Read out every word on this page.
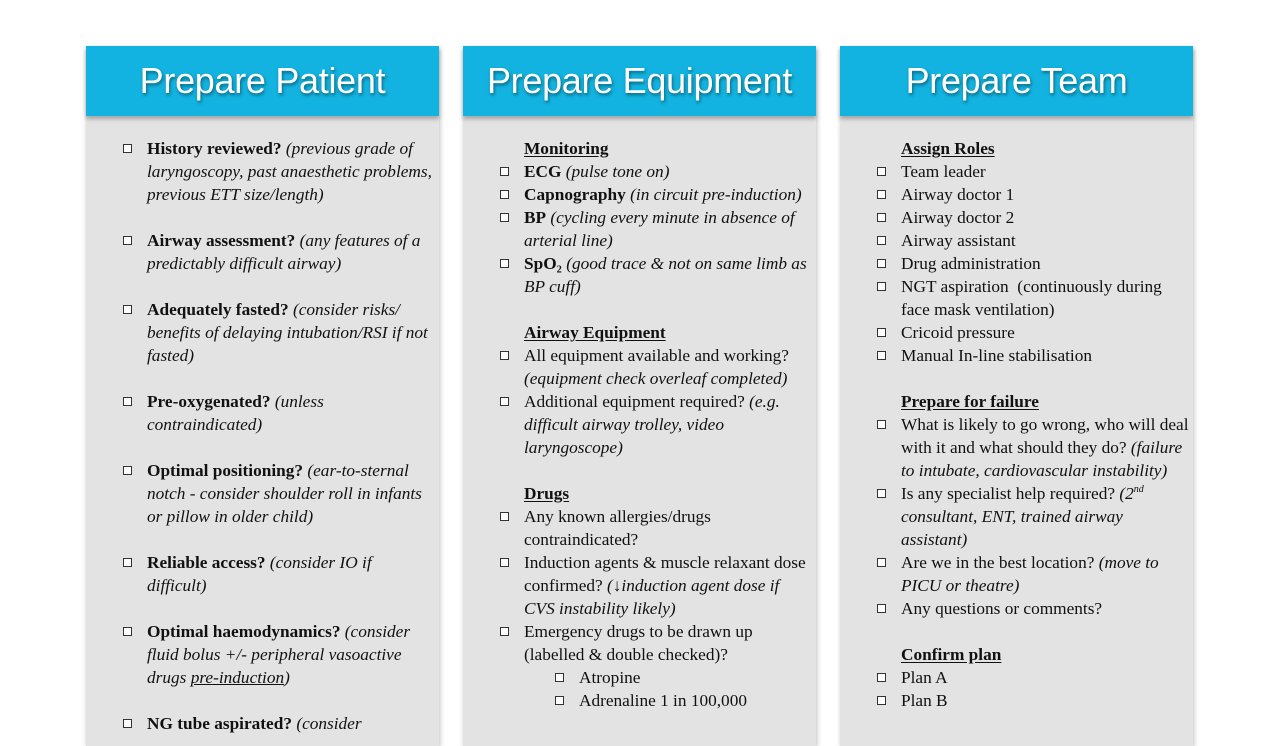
Prepare Patient
History reviewed? (previous grade of laryngoscopy, past anaesthetic problems, previous ETT size/length)
Airway assessment? (any features of a predictably difficult airway)
Adequately fasted? (consider risks/ benefits of delaying intubation/RSI if not fasted)
Pre-oxygenated? (unless contraindicated)
Optimal positioning? (ear-to-sternal notch - consider shoulder roll in infants or pillow in older child)
Reliable access? (consider IO if difficult)
Optimal haemodynamics? (consider fluid bolus +/- peripheral vasoactive drugs pre-induction)
NG tube aspirated? (consider
Prepare Equipment
Monitoring
ECG (pulse tone on)
Capnography (in circuit pre-induction)
BP (cycling every minute in absence of arterial line)
SpO₂ (good trace & not on same limb as BP cuff)
Airway Equipment
All equipment available and working? (equipment check overleaf completed)
Additional equipment required? (e.g. difficult airway trolley, video laryngoscope)
Drugs
Any known allergies/drugs contraindicated?
Induction agents & muscle relaxant dose confirmed? (↓induction agent dose if CVS instability likely)
Emergency drugs to be drawn up (labelled & double checked)?
Atropine
Adrenaline 1 in 100,000
Prepare Team
Assign Roles
Team leader
Airway doctor 1
Airway doctor 2
Airway assistant
Drug administration
NGT aspiration  (continuously during face mask ventilation)
Cricoid pressure
Manual In-line stabilisation
Prepare for failure
What is likely to go wrong, who will deal with it and what should they do? (failure to intubate, cardiovascular instability)
Is any specialist help required? (2nd consultant, ENT, trained airway assistant)
Are we in the best location? (move to PICU or theatre)
Any questions or comments?
Confirm plan
Plan A
Plan B
